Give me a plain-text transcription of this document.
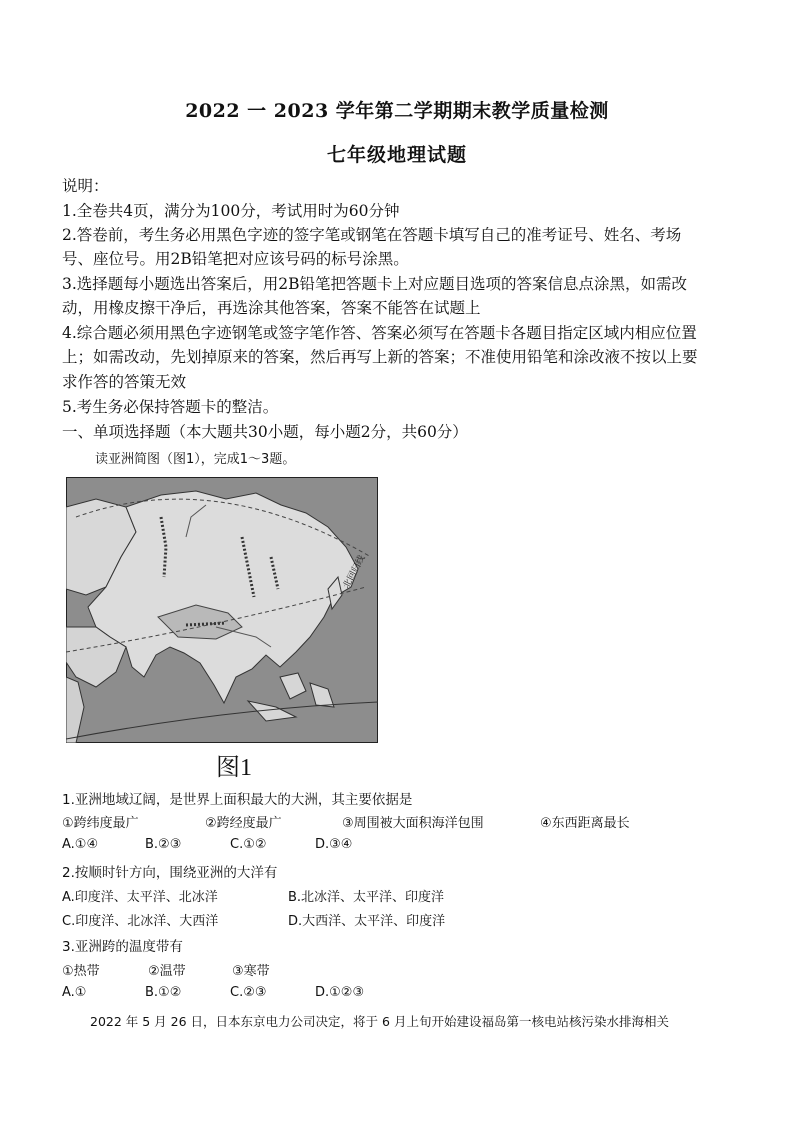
2022 一 2023 学年第二学期期末教学质量检测
七年级地理试题
说明：
1.全卷共4页，满分为100分，考试用时为60分钟
2.答卷前，考生务必用黑色字迹的签字笔或钢笔在答题卡填写自己的准考证号、姓名、考场
号、座位号。用2B铅笔把对应该号码的标号涂黑。
3.选择题每小题选出答案后，用2B铅笔把答题卡上对应题目选项的答案信息点涂黑，如需改
动，用橡皮擦干净后，再选涂其他答案，答案不能答在试题上
4.综合题必须用黑色字迹钢笔或签字笔作答、答案必须写在答题卡各题目指定区域内相应位置
上；如需改动，先划掉原来的答案，然后再写上新的答案；不准使用铅笔和涂改液不按以上要
求作答的答策无效
5.考生务必保持答题卡的整洁。
一、单项选择题（本大题共30小题，每小题2分，共60分）
读亚洲简图（图1），完成1～3题。
北回归线
图1
1.亚洲地域辽阔，是世界上面积最大的大洲，其主要依据是
①跨纬度最广	②跨经度最广	③周围被大面积海洋包围	④东西距离最长
A.①④	B.②③	C.①②	D.③④
2.按顺时针方向，围绕亚洲的大洋有
A.印度洋、太平洋、北冰洋	B.北冰洋、太平洋、印度洋
C.印度洋、北冰洋、大西洋	D.大西洋、太平洋、印度洋
3.亚洲跨的温度带有
①热带	②温带	③寒带
A.①	B.①②	C.②③	D.①②③
2022 年 5 月 26 日，日本东京电力公司决定，将于 6 月上旬开始建设福岛第一核电站核污染水排海相关
